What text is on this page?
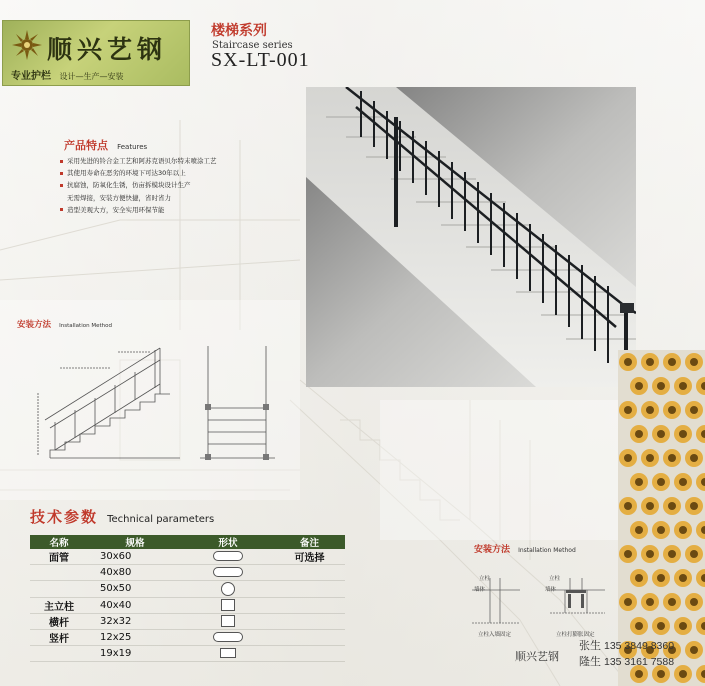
顺兴艺钢
专业护栏 设计—生产—安装
楼梯系列
Staircase series
SX-LT-001
产品特点 Features
采用先进的铃合金工艺和阿苏克语贝尔特末喷涂工艺
其使用寿命在恶劣的环境下可达30年以上
抗腐蚀，防氧化生锈，仿亩拆模块设计生产
无需焊接，安装方便快捷，省时省力
造型美观大方，安全实用环保节能
安装方法 Installation Method
技术参数 Technical parameters
名称	规格	形状	备注
面管	30x60		可选择
	40x80		
	50x50		
主立柱	40x40		
横杆	32x32		
竖杆	12x25		
	19x19		
安装方法 Installation Method
立柱
墙体
立柱
墙体
立柱入墙固定	立柱打膨胀固定
顺兴艺钢
张生 135 3849 8360
隆生 135 3161 7588
